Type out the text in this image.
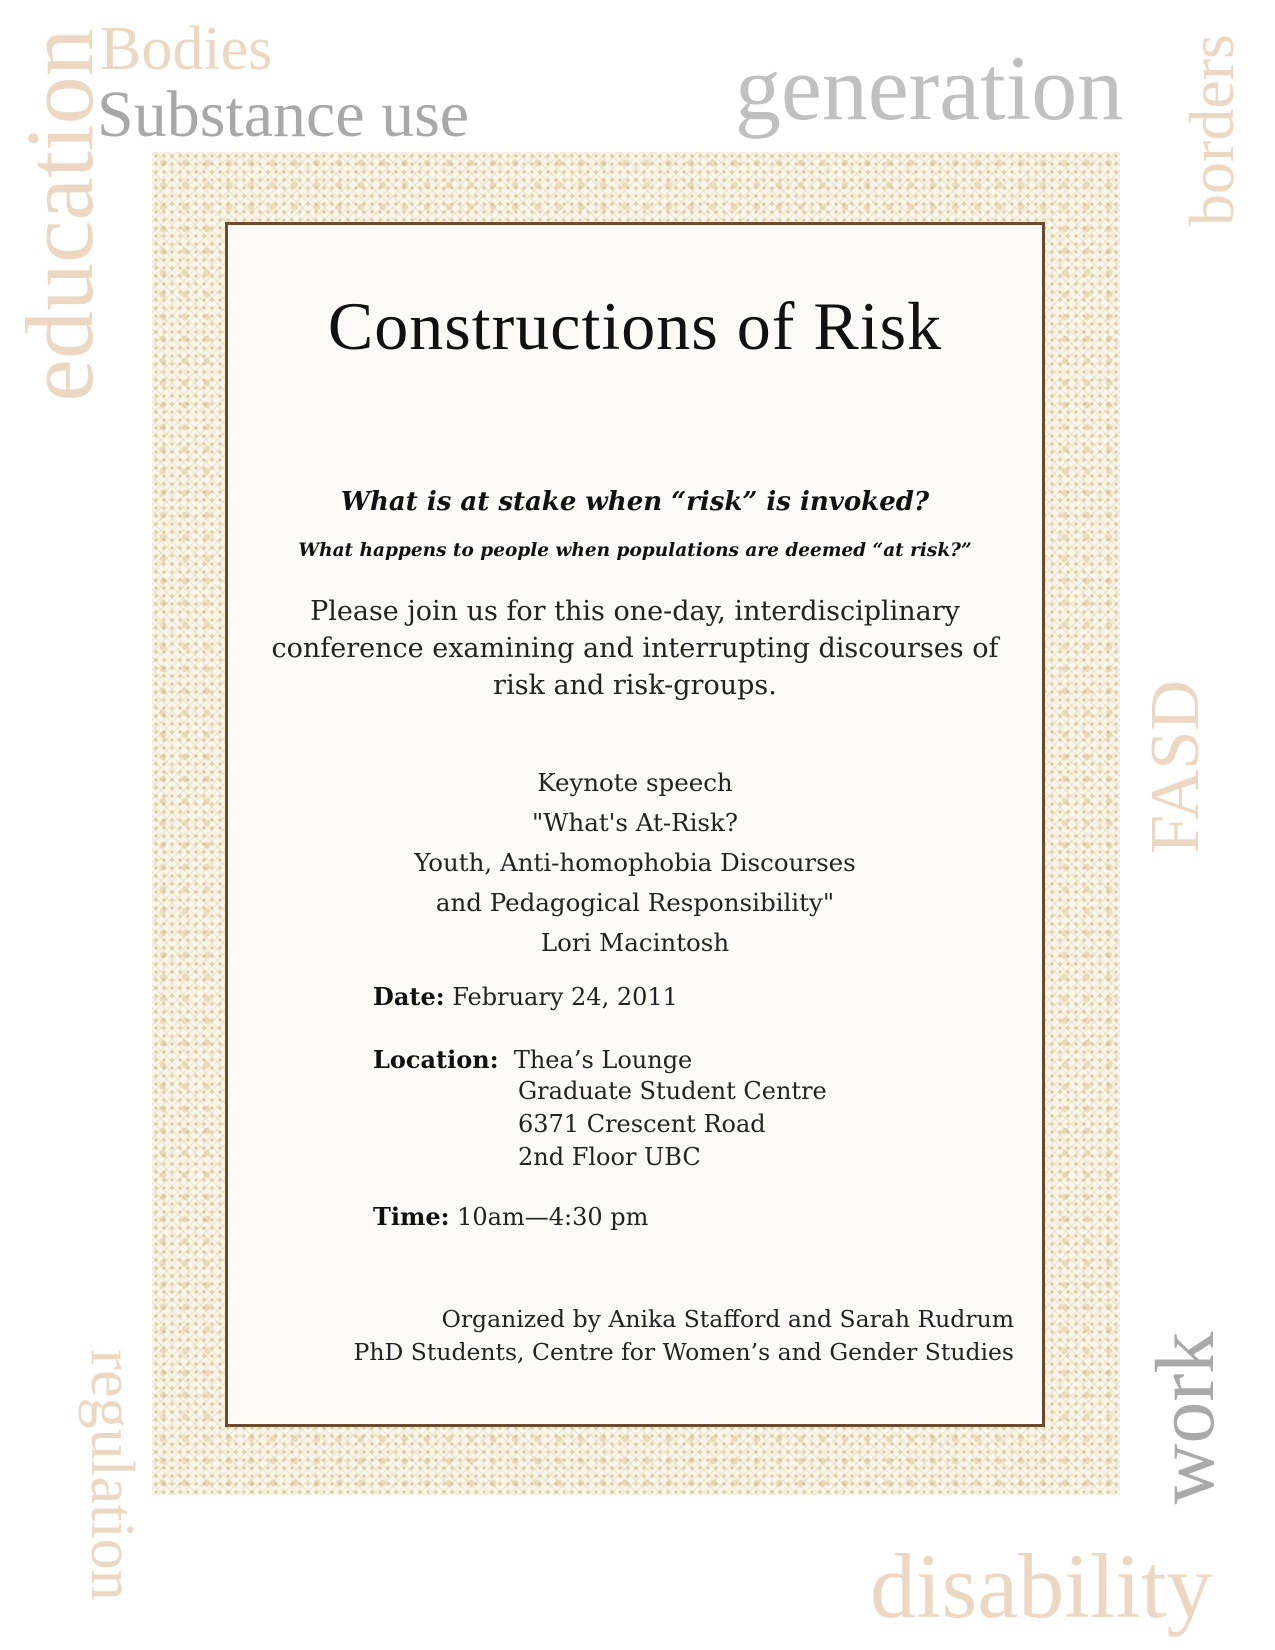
Bodies
Substance use	generation
education	borders
FASD
regulation	work
disability
Constructions of Risk
What is at stake when “risk” is invoked?
What happens to people when populations are deemed “at risk?”
Please join us for this one-day, interdisciplinary
conference examining and interrupting discourses of
risk and risk-groups.
Keynote speech
"What's At-Risk?
Youth, Anti-homophobia Discourses
and Pedagogical Responsibility"
Lori Macintosh
Date: February 24, 2011
Location: Thea’s Lounge
Graduate Student Centre
6371 Crescent Road
2nd Floor UBC
Time: 10am—4:30 pm
Organized by Anika Stafford and Sarah Rudrum
PhD Students, Centre for Women’s and Gender Studies
